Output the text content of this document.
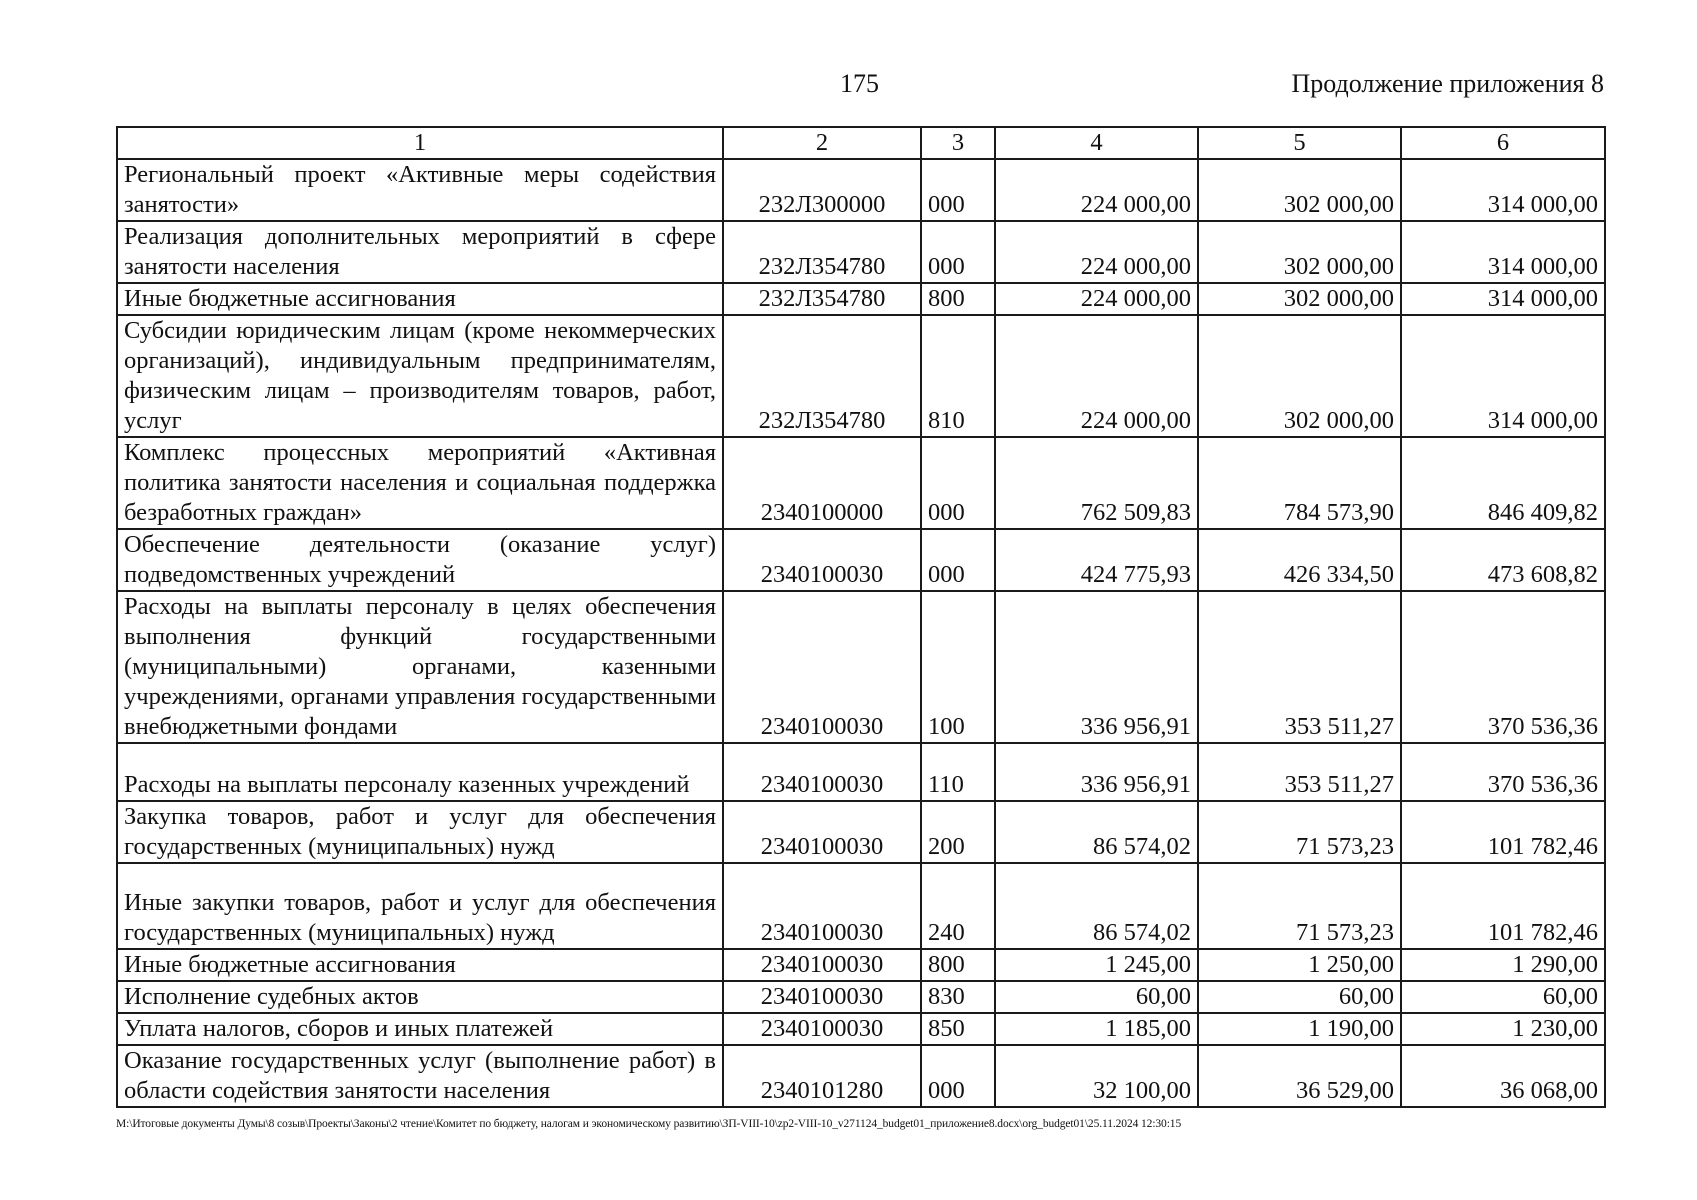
175	Продолжение приложения 8
1	2	3	4	5	6
Региональный проект «Активные меры содействия занятости»	232Л300000	000	224 000,00	302 000,00	314 000,00
Реализация дополнительных мероприятий в сфере занятости населения	232Л354780	000	224 000,00	302 000,00	314 000,00
Иные бюджетные ассигнования	232Л354780	800	224 000,00	302 000,00	314 000,00
Субсидии юридическим лицам (кроме некоммерческих организаций), индивидуальным предпринимателям, физическим лицам – производителям товаров, работ, услуг	232Л354780	810	224 000,00	302 000,00	314 000,00
Комплекс процессных мероприятий «Активная политика занятости населения и социальная поддержка безработных граждан»	2340100000	000	762 509,83	784 573,90	846 409,82
Обеспечение деятельности (оказание услуг) подведомственных учреждений	2340100030	000	424 775,93	426 334,50	473 608,82
Расходы на выплаты персоналу в целях обеспечения выполнения функций государственными (муниципальными) органами, казенными учреждениями, органами управления государственными внебюджетными фондами	2340100030	100	336 956,91	353 511,27	370 536,36
Расходы на выплаты персоналу казенных учреждений	2340100030	110	336 956,91	353 511,27	370 536,36
Закупка товаров, работ и услуг для обеспечения государственных (муниципальных) нужд	2340100030	200	86 574,02	71 573,23	101 782,46
Иные закупки товаров, работ и услуг для обеспечения государственных (муниципальных) нужд	2340100030	240	86 574,02	71 573,23	101 782,46
Иные бюджетные ассигнования	2340100030	800	1 245,00	1 250,00	1 290,00
Исполнение судебных актов	2340100030	830	60,00	60,00	60,00
Уплата налогов, сборов и иных платежей	2340100030	850	1 185,00	1 190,00	1 230,00
Оказание государственных услуг (выполнение работ) в области содействия занятости населения	2340101280	000	32 100,00	36 529,00	36 068,00
M:\Итоговые документы Думы\8 созыв\Проекты\Законы\2 чтение\Комитет по бюджету, налогам и экономическому развитию\ЗП-VIII-10\zp2-VIII-10_v271124_budget01_приложение8.docx\org_budget01\25.11.2024 12:30:15
